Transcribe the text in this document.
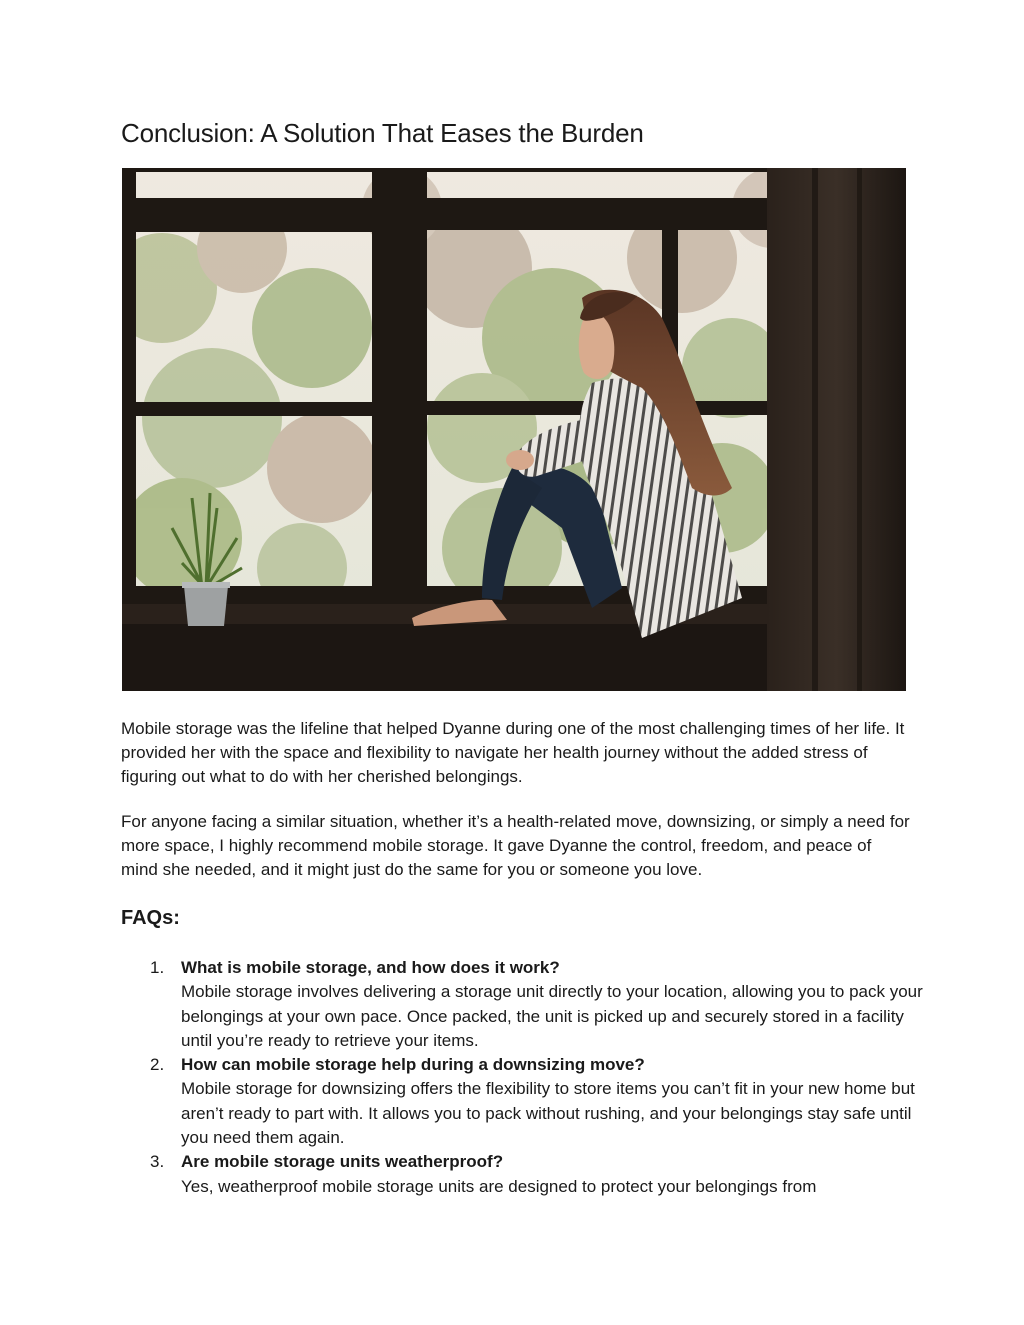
Conclusion: A Solution That Eases the Burden

Mobile storage was the lifeline that helped Dyanne during one of the most challenging times of her life. It provided her with the space and flexibility to navigate her health journey without the added stress of figuring out what to do with her cherished belongings.

For anyone facing a similar situation, whether it’s a health-related move, downsizing, or simply a need for more space, I highly recommend mobile storage. It gave Dyanne the control, freedom, and peace of mind she needed, and it might just do the same for you or someone you love.

FAQs:
1. What is mobile storage, and how does it work?
Mobile storage involves delivering a storage unit directly to your location, allowing you to pack your belongings at your own pace. Once packed, the unit is picked up and securely stored in a facility until you’re ready to retrieve your items.
2. How can mobile storage help during a downsizing move?
Mobile storage for downsizing offers the flexibility to store items you can’t fit in your new home but aren’t ready to part with. It allows you to pack without rushing, and your belongings stay safe until you need them again.
3. Are mobile storage units weatherproof?
Yes, weatherproof mobile storage units are designed to protect your belongings from
